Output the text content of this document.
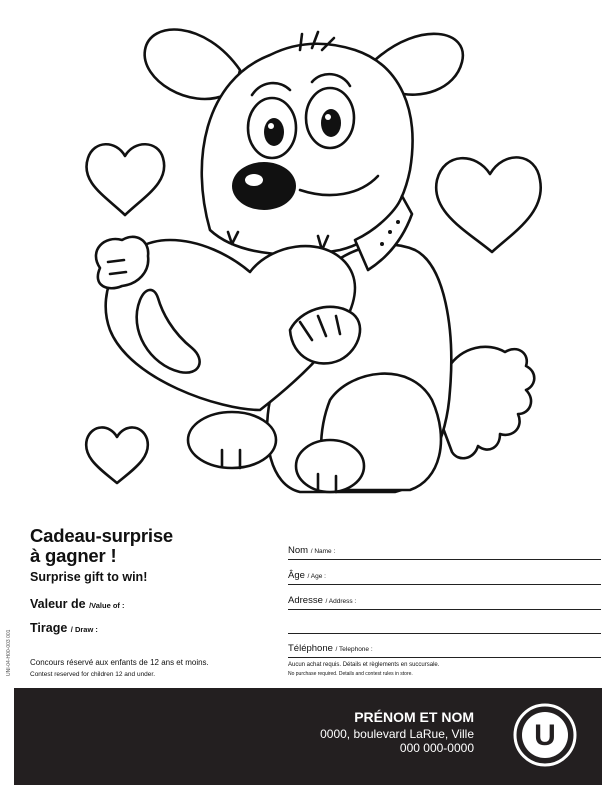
Cadeau-surprise
à gagner !
Surprise gift to win!
Valeur de /Value of :
Tirage / Draw :
Concours réservé aux enfants de 12 ans et moins.
Contest reserved for children 12 and under.
UNI-04-H00-003 001
Nom / Name :
Âge / Age :
Adresse / Address :
Téléphone / Telephone :
Aucun achat requis. Détails et règlements en succursale.
No purchase required. Details and contest rules in store.
PRÉNOM ET NOM
0000, boulevard LaRue, Ville
000 000-0000 U
